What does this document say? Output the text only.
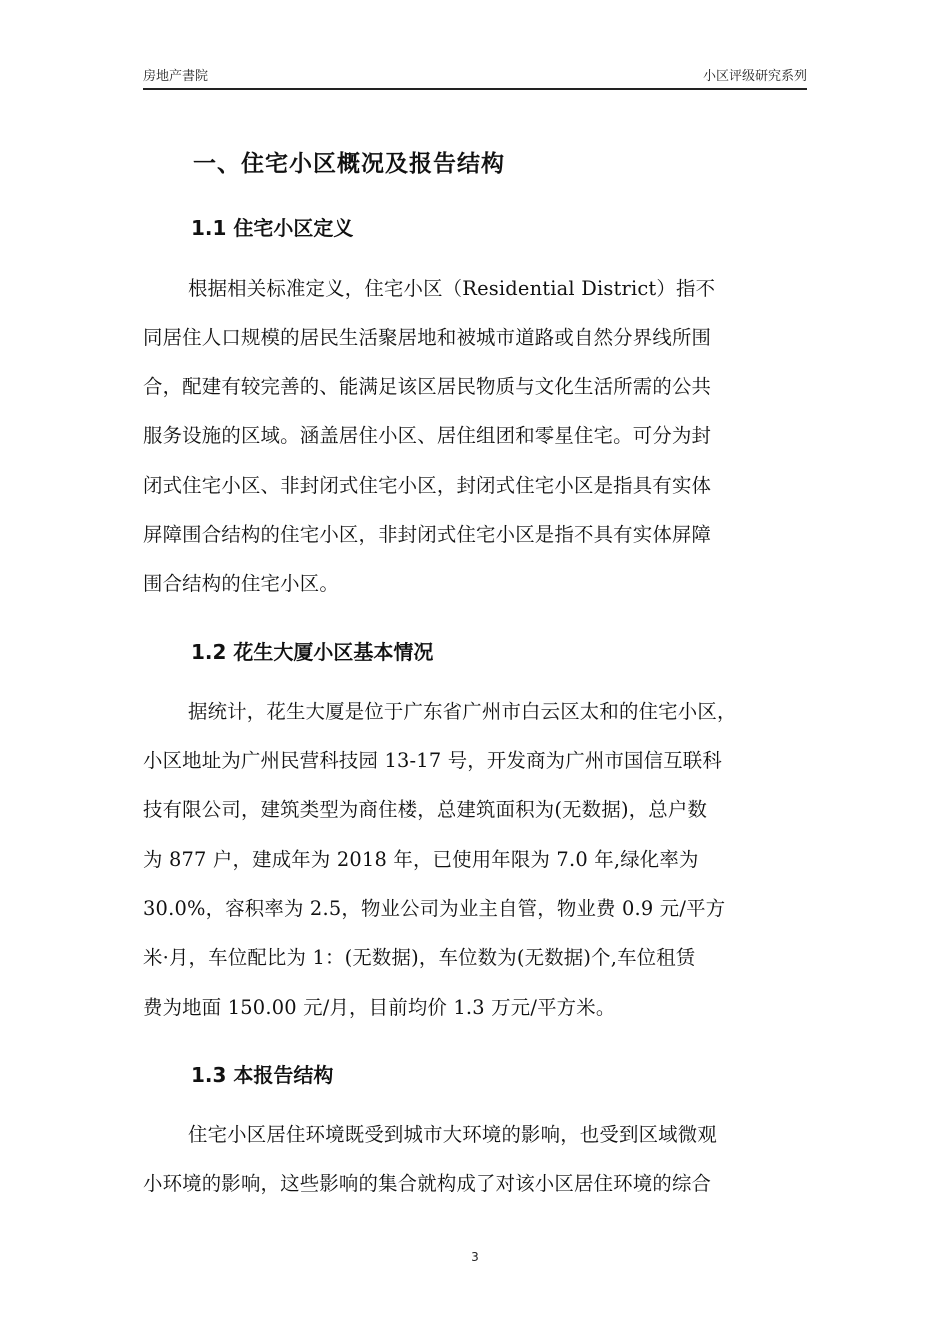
房地产書院	小区评级研究系列
一、住宅小区概况及报告结构
1.1 住宅小区定义
根据相关标准定义，住宅小区（Residential District）指不
同居住人口规模的居民生活聚居地和被城市道路或自然分界线所围
合，配建有较完善的、能满足该区居民物质与文化生活所需的公共
服务设施的区域。涵盖居住小区、居住组团和零星住宅。可分为封
闭式住宅小区、非封闭式住宅小区，封闭式住宅小区是指具有实体
屏障围合结构的住宅小区，非封闭式住宅小区是指不具有实体屏障
围合结构的住宅小区。
1.2 花生大厦小区基本情况
据统计，花生大厦是位于广东省广州市白云区太和的住宅小区，
小区地址为广州民营科技园 13-17 号，开发商为广州市国信互联科
技有限公司，建筑类型为商住楼，总建筑面积为(无数据)，总户数
为 877 户，建成年为 2018 年，已使用年限为 7.0 年,绿化率为
30.0%，容积率为 2.5，物业公司为业主自管，物业费 0.9 元/平方
米·月，车位配比为 1：(无数据)，车位数为(无数据)个,车位租赁
费为地面 150.00 元/月，目前均价 1.3 万元/平方米。
1.3 本报告结构
住宅小区居住环境既受到城市大环境的影响，也受到区域微观
小环境的影响，这些影响的集合就构成了对该小区居住环境的综合
3
